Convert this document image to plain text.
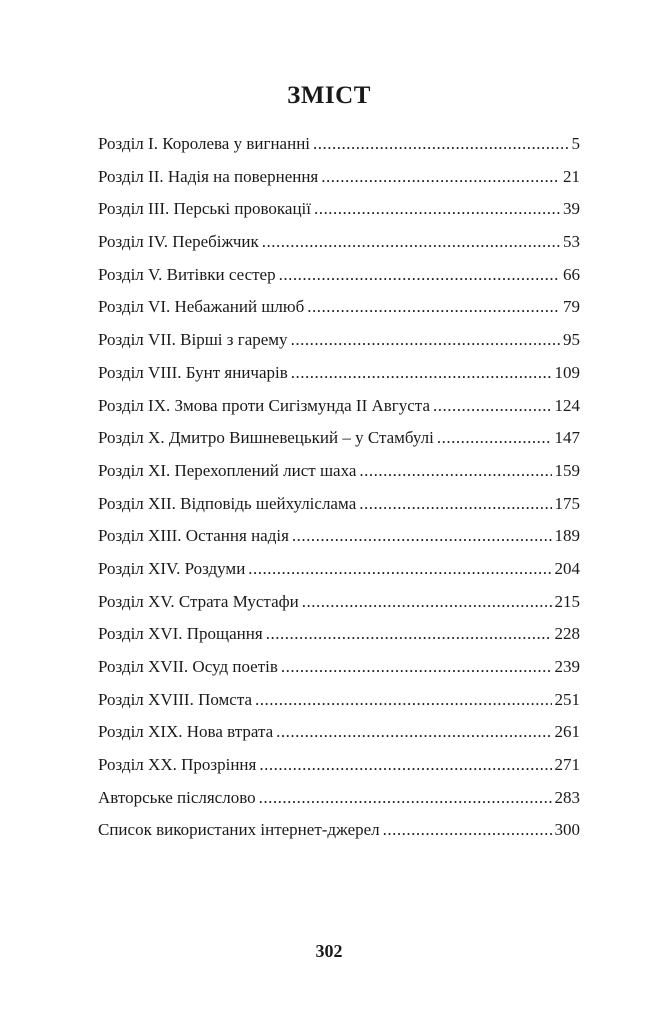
ЗМІСТ
Розділ I. Королева у вигнанні .....	5
Розділ II. Надія на повернення .....	21
Розділ III. Перські провокації .....	39
Розділ IV. Перебіжчик .....	53
Розділ V. Витівки сестер .....	66
Розділ VI. Небажаний шлюб .....	79
Розділ VII. Вірші з гарему .....	95
Розділ VIII. Бунт яничарів .....	109
Розділ IX. Змова проти Сигізмунда II Августа .....	124
Розділ X. Дмитро Вишневецький – у Стамбулі .....	147
Розділ XI. Перехоплений лист шаха .....	159
Розділ XII. Відповідь шейхулісламa .....	175
Розділ XIII. Остання надія .....	189
Розділ XIV. Роздуми .....	204
Розділ XV. Страта Мустафи .....	215
Розділ XVI. Прощання .....	228
Розділ XVII. Осуд поетів .....	239
Розділ XVIII. Помста .....	251
Розділ XIX. Нова втрата .....	261
Розділ XX. Прозріння .....	271
Авторське післяслово .....	283
Список використаних інтернет-джерел .....	300
302
